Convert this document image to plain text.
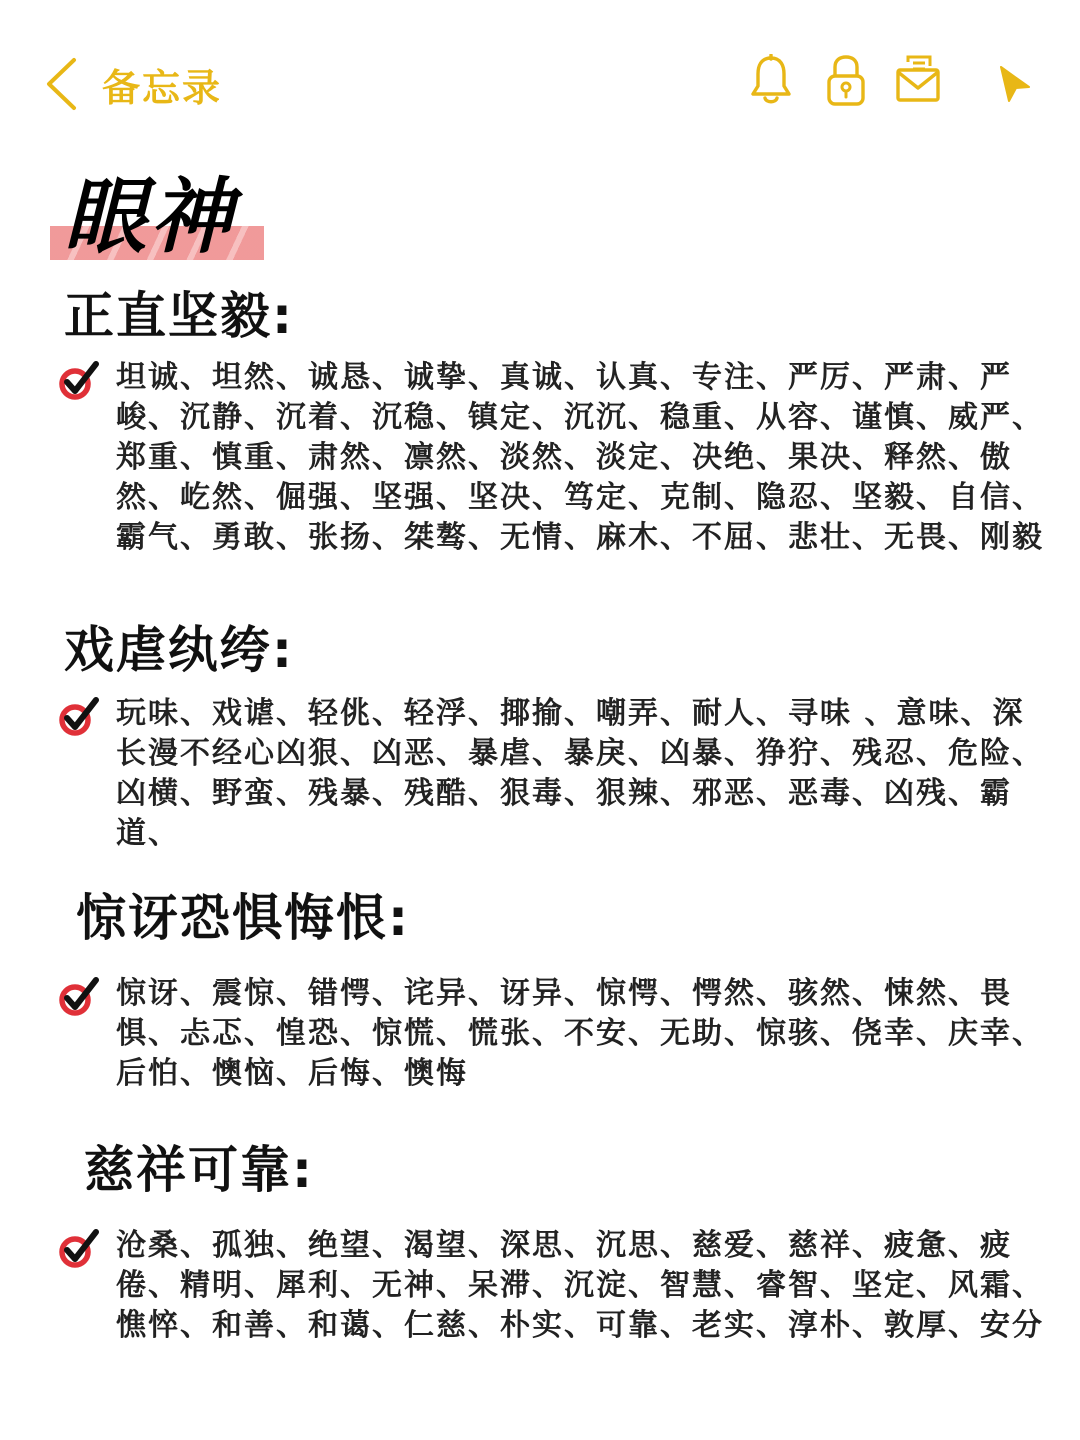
备忘录
眼神
正直坚毅:
坦诚、坦然、诚恳、诚挚、真诚、认真、专注、严厉、严肃、严峻、沉静、沉着、沉稳、镇定、沉沉、稳重、从容、谨慎、威严、郑重、慎重、肃然、凛然、淡然、淡定、决绝、果决、释然、傲然、屹然、倔强、坚强、坚决、笃定、克制、隐忍、坚毅、自信、霸气、勇敢、张扬、桀骜、无情、麻木、不屈、悲壮、无畏、刚毅
戏虐纨绔:
玩味、戏谑、轻佻、轻浮、揶揄、嘲弄、耐人、寻味 、意味、深长漫不经心凶狠、凶恶、暴虐、暴戾、凶暴、狰狞、残忍、危险、凶横、野蛮、残暴、残酷、狠毒、狠辣、邪恶、恶毒、凶残、霸道、
惊讶恐惧悔恨:
惊讶、震惊、错愕、诧异、讶异、惊愕、愕然、骇然、悚然、畏惧、忐忑、惶恐、惊慌、慌张、不安、无助、惊骇、侥幸、庆幸、后怕、懊恼、后悔、懊悔
慈祥可靠:
沧桑、孤独、绝望、渴望、深思、沉思、慈爱、慈祥、疲惫、疲倦、精明、犀利、无神、呆滞、沉淀、智慧、睿智、坚定、风霜、憔悴、和善、和蔼、仁慈、朴实、可靠、老实、淳朴、敦厚、安分
